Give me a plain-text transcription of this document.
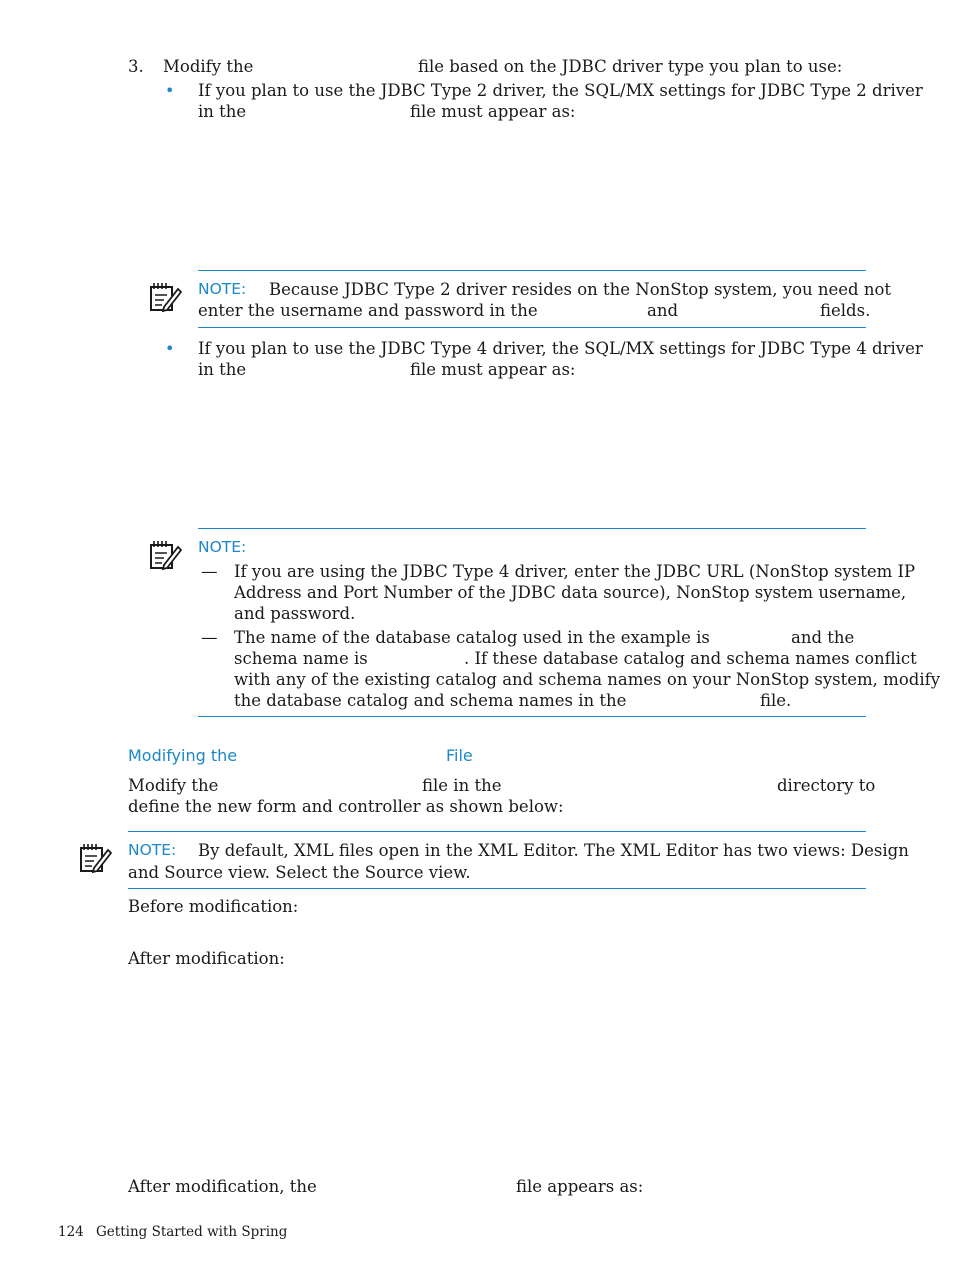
3. Modify the	file based on the JDBC driver type you plan to use:
• If you plan to use the JDBC Type 2 driver, the SQL/MX settings for JDBC Type 2 driver
in the	file must appear as:
NOTE: Because JDBC Type 2 driver resides on the NonStop system, you need not
enter the username and password in the	and	fields.
• If you plan to use the JDBC Type 4 driver, the SQL/MX settings for JDBC Type 4 driver
in the	file must appear as:
NOTE:
— If you are using the JDBC Type 4 driver, enter the JDBC URL (NonStop system IP
Address and Port Number of the JDBC data source), NonStop system username,
and password.
— The name of the database catalog used in the example is	and the
schema name is	. If these database catalog and schema names conflict
with any of the existing catalog and schema names on your NonStop system, modify
the database catalog and schema names in the	file.
Modifying the	File
Modify the	file in the	directory to
define the new form and controller as shown below:
NOTE: By default, XML files open in the XML Editor. The XML Editor has two views: Design
and Source view. Select the Source view.
Before modification:
After modification:
After modification, the	file appears as:
124 Getting Started with Spring
